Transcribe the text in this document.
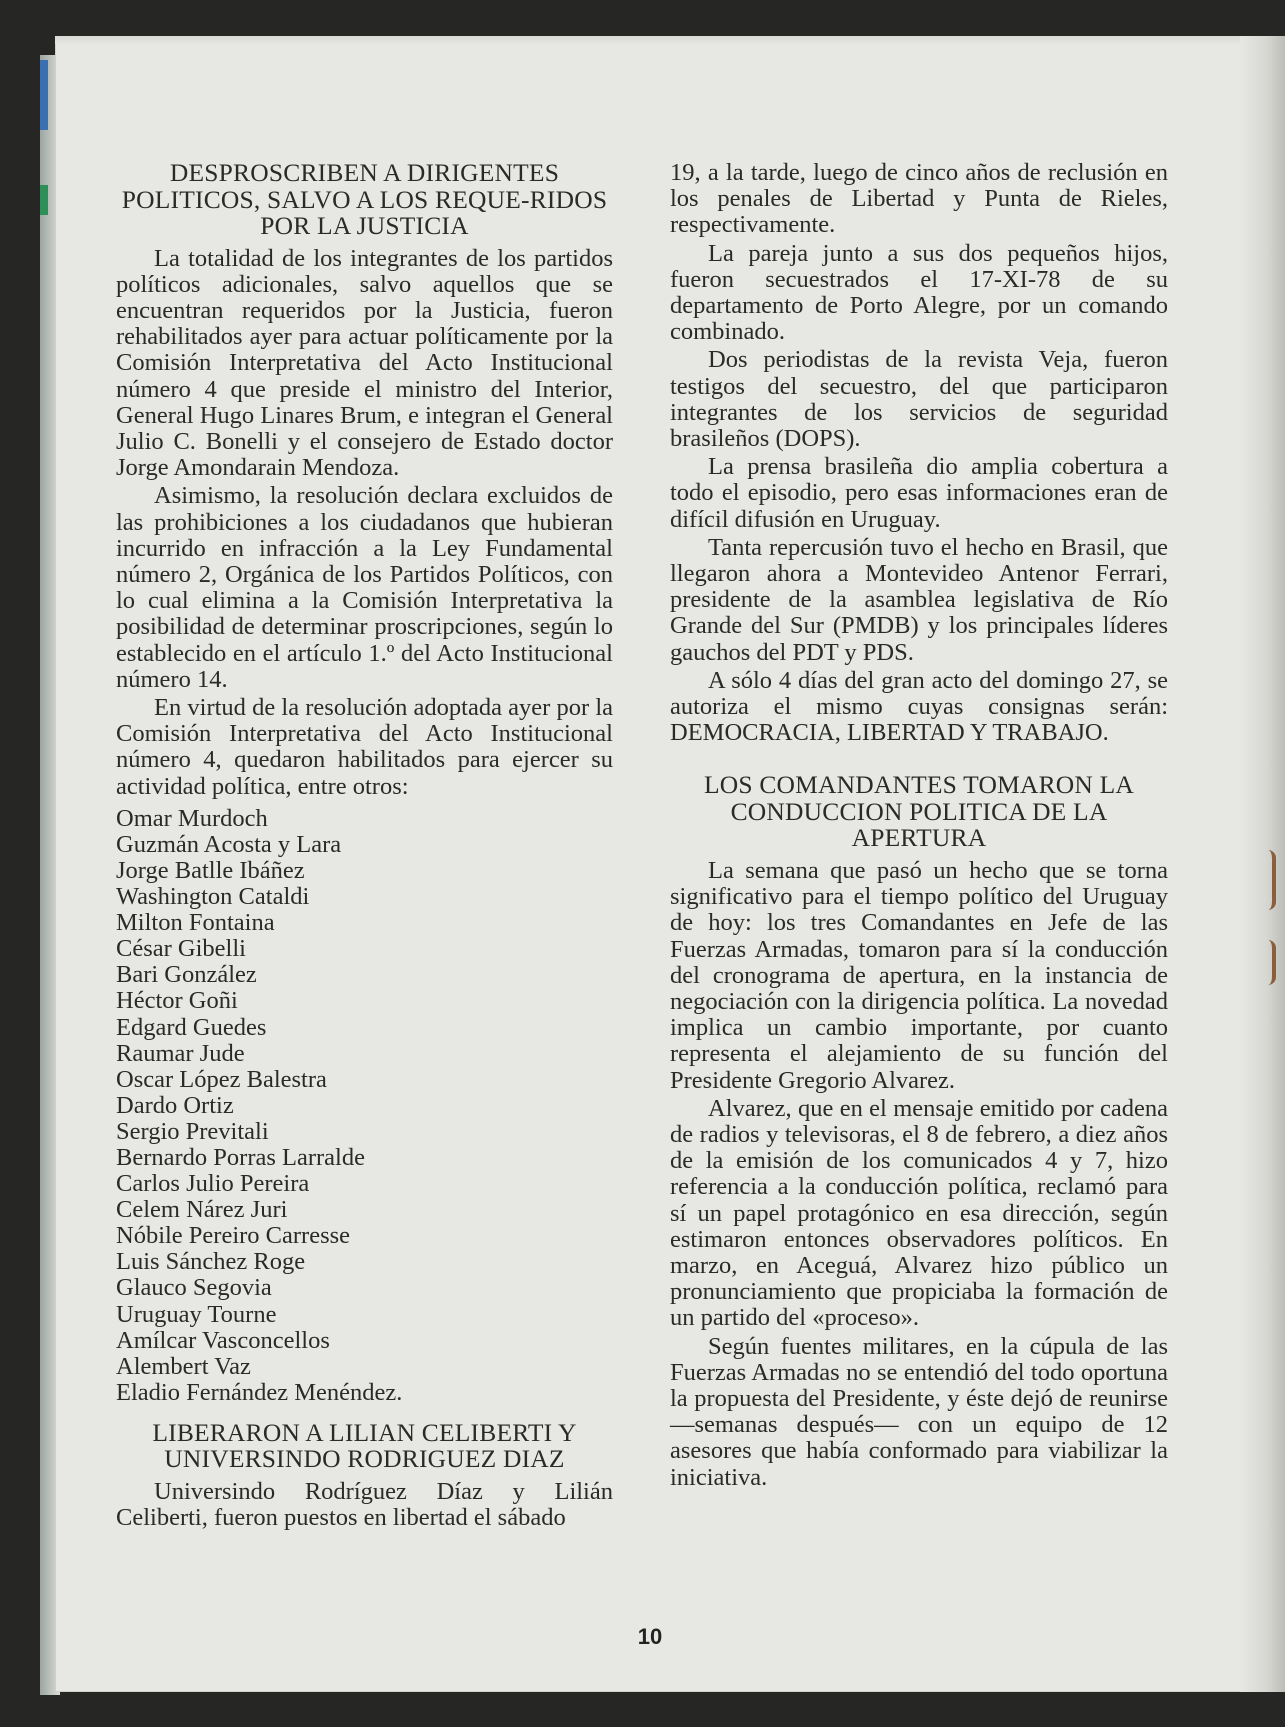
DESPROSCRIBEN A DIRIGENTES POLITICOS, SALVO A LOS REQUE-RIDOS POR LA JUSTICIA

La totalidad de los integrantes de los partidos políticos adicionales, salvo aquellos que se encuentran requeridos por la Justicia, fueron rehabilitados ayer para actuar políticamente por la Comisión Interpretativa del Acto Institucional número 4 que preside el ministro del Interior, General Hugo Linares Brum, e integran el General Julio C. Bonelli y el consejero de Estado doctor Jorge Amondarain Mendoza.

Asimismo, la resolución declara excluidos de las prohibiciones a los ciudadanos que hubieran incurrido en infracción a la Ley Fundamental número 2, Orgánica de los Partidos Políticos, con lo cual elimina a la Comisión Interpretativa la posibilidad de determinar proscripciones, según lo establecido en el artículo 1.º del Acto Institucional número 14.

En virtud de la resolución adoptada ayer por la Comisión Interpretativa del Acto Institucional número 4, quedaron habilitados para ejercer su actividad política, entre otros:

Omar Murdoch
Guzmán Acosta y Lara
Jorge Batlle Ibáñez
Washington Cataldi
Milton Fontaina
César Gibelli
Bari González
Héctor Goñi
Edgard Guedes
Raumar Jude
Oscar López Balestra
Dardo Ortiz
Sergio Previtali
Bernardo Porras Larralde
Carlos Julio Pereira
Celem Nárez Juri
Nóbile Pereiro Carresse
Luis Sánchez Roge
Glauco Segovia
Uruguay Tourne
Amílcar Vasconcellos
Alembert Vaz
Eladio Fernández Menéndez.
LIBERARON A LILIAN CELIBERTI Y UNIVERSINDO RODRIGUEZ DIAZ

Universindo Rodríguez Díaz y Lilián Celiberti, fueron puestos en libertad el sábado

19, a la tarde, luego de cinco años de reclusión en los penales de Libertad y Punta de Rieles, respectivamente.

La pareja junto a sus dos pequeños hijos, fueron secuestrados el 17-XI-78 de su departamento de Porto Alegre, por un comando combinado.

Dos periodistas de la revista Veja, fueron testigos del secuestro, del que participaron integrantes de los servicios de seguridad brasileños (DOPS).

La prensa brasileña dio amplia cobertura a todo el episodio, pero esas informaciones eran de difícil difusión en Uruguay.

Tanta repercusión tuvo el hecho en Brasil, que llegaron ahora a Montevideo Antenor Ferrari, presidente de la asamblea legislativa de Río Grande del Sur (PMDB) y los principales líderes gauchos del PDT y PDS.

A sólo 4 días del gran acto del domingo 27, se autoriza el mismo cuyas consignas serán: DEMOCRACIA, LIBERTAD Y TRABAJO.

LOS COMANDANTES TOMARON LA CONDUCCION POLITICA DE LA APERTURA

La semana que pasó un hecho que se torna significativo para el tiempo político del Uruguay de hoy: los tres Comandantes en Jefe de las Fuerzas Armadas, tomaron para sí la conducción del cronograma de apertura, en la instancia de negociación con la dirigencia política. La novedad implica un cambio importante, por cuanto representa el alejamiento de su función del Presidente Gregorio Alvarez.

Alvarez, que en el mensaje emitido por cadena de radios y televisoras, el 8 de febrero, a diez años de la emisión de los comunicados 4 y 7, hizo referencia a la conducción política, reclamó para sí un papel protagónico en esa dirección, según estimaron entonces observadores políticos. En marzo, en Aceguá, Alvarez hizo público un pronunciamiento que propiciaba la formación de un partido del «proceso».

Según fuentes militares, en la cúpula de las Fuerzas Armadas no se entendió del todo oportuna la propuesta del Presidente, y éste dejó de reunirse —semanas después— con un equipo de 12 asesores que había conformado para viabilizar la iniciativa.

10
